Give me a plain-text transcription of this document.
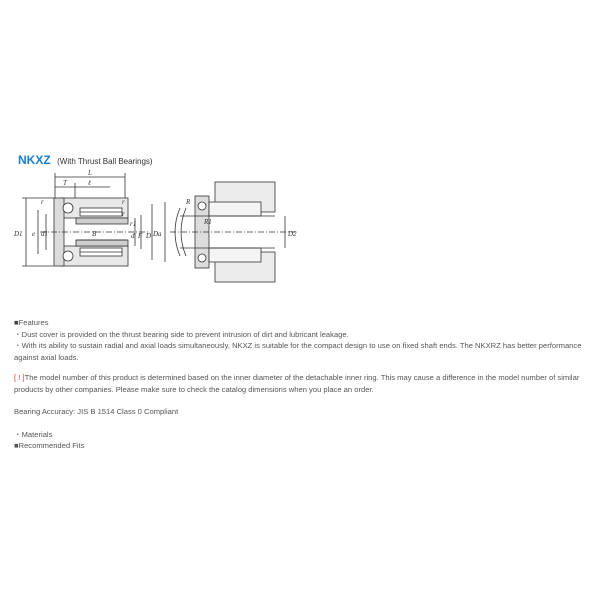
NKXZ (With Thrust Ball Bearings)
L
T	ℓ
r	r
r
D1 e d1	B
r1
d F D
R
R1
Da	D2
■Features
・Dust cover is provided on the thrust bearing side to prevent intrusion of dirt and lubricant leakage.
・With its ability to sustain radial and axial loads simultaneously, NKXZ is suitable for the compact design to use on fixed shaft ends. The NKXRZ has better performance against axial loads.
[ ! ]The model number of this product is determined based on the inner diameter of the detachable inner ring. This may cause a difference in the model number of similar products by other companies. Please make sure to check the catalog dimensions when you place an order.
Bearing Accuracy: JIS B 1514 Class 0 Compliant
・Materials
■Recommended Fits
